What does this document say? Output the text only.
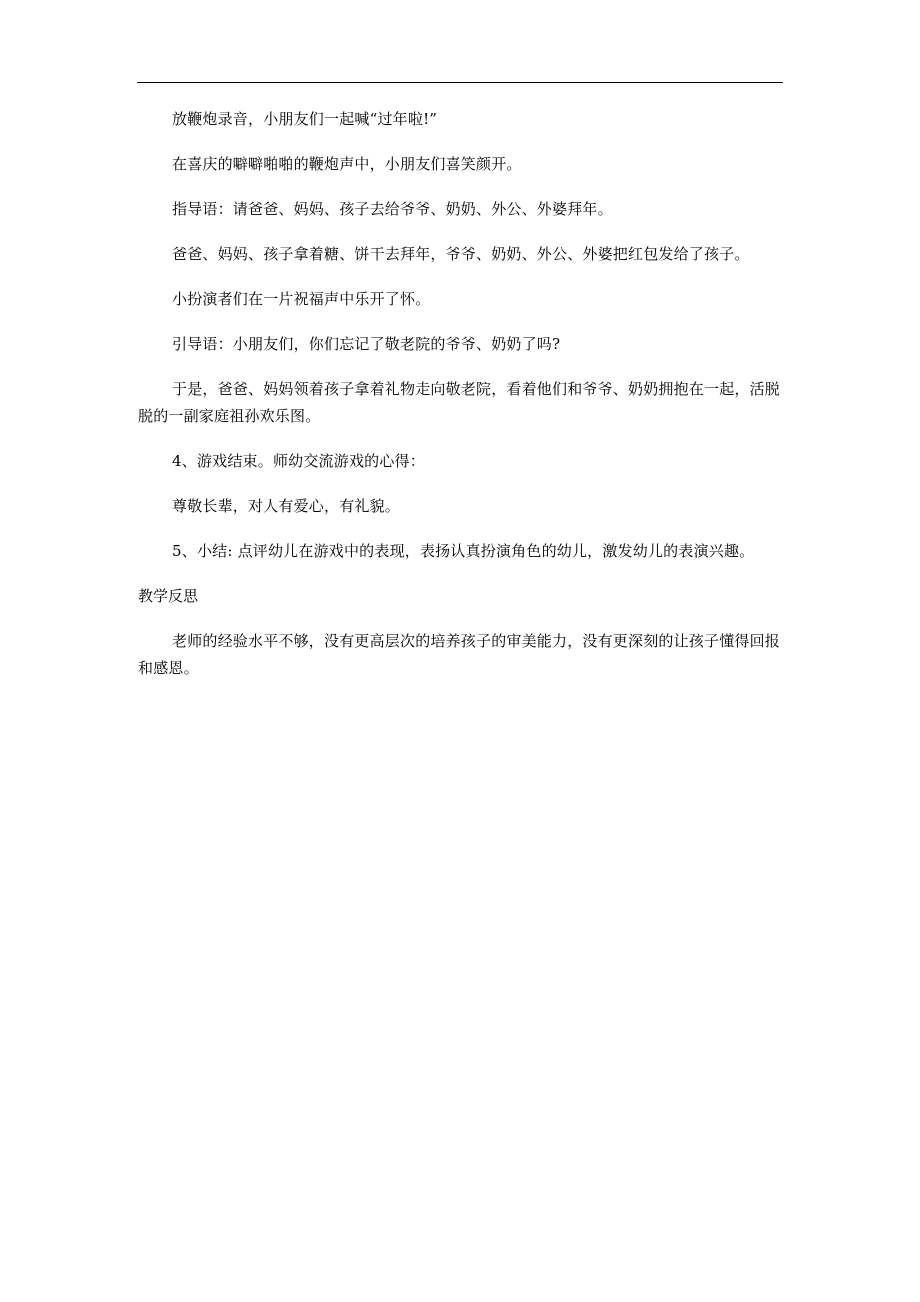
放鞭炮录音，小朋友们一起喊“过年啦!”

在喜庆的噼噼啪啪的鞭炮声中，小朋友们喜笑颜开。

指导语：请爸爸、妈妈、孩子去给爷爷、奶奶、外公、外婆拜年。

爸爸、妈妈、孩子拿着糖、饼干去拜年，爷爷、奶奶、外公、外婆把红包发给了孩子。

小扮演者们在一片祝福声中乐开了怀。

引导语：小朋友们，你们忘记了敬老院的爷爷、奶奶了吗?

于是，爸爸、妈妈领着孩子拿着礼物走向敬老院，看着他们和爷爷、奶奶拥抱在一起，活脱脱的一副家庭祖孙欢乐图。

4、游戏结束。师幼交流游戏的心得：

尊敬长辈，对人有爱心，有礼貌。

5、小结: 点评幼儿在游戏中的表现，表扬认真扮演角色的幼儿，激发幼儿的表演兴趣。

教学反思

老师的经验水平不够，没有更高层次的培养孩子的审美能力，没有更深刻的让孩子懂得回报和感恩。
